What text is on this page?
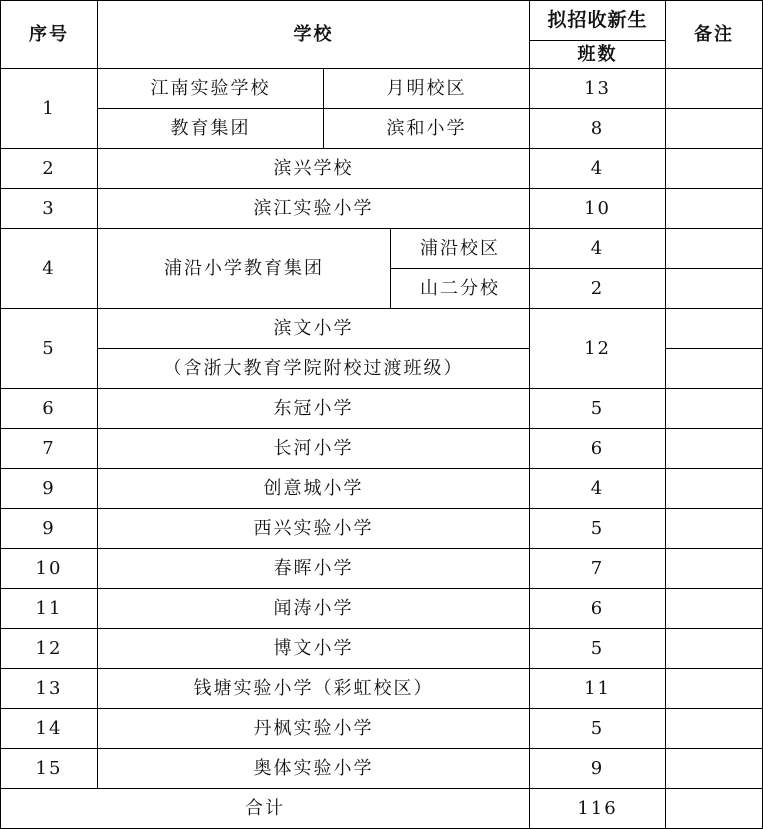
序号	学校			拟招收新生	备注
				班数	
1	江南实验学校	月明校区		13	
	教育集团	滨和小学		8	
2	滨兴学校			4	
3	滨江实验小学			10	
4	浦沿小学教育集团		浦沿校区	4	
			山二分校	2	
5	滨文小学			12	
	（含浙大教育学院附校过渡班级）				
6	东冠小学			5	
7	长河小学			6	
9	创意城小学			4	
9	西兴实验小学			5	
10	春晖小学			7	
11	闻涛小学			6	
12	博文小学			5	
13	钱塘实验小学（彩虹校区）			11	
14	丹枫实验小学			5	
15	奥体实验小学			9	
合计				116	
